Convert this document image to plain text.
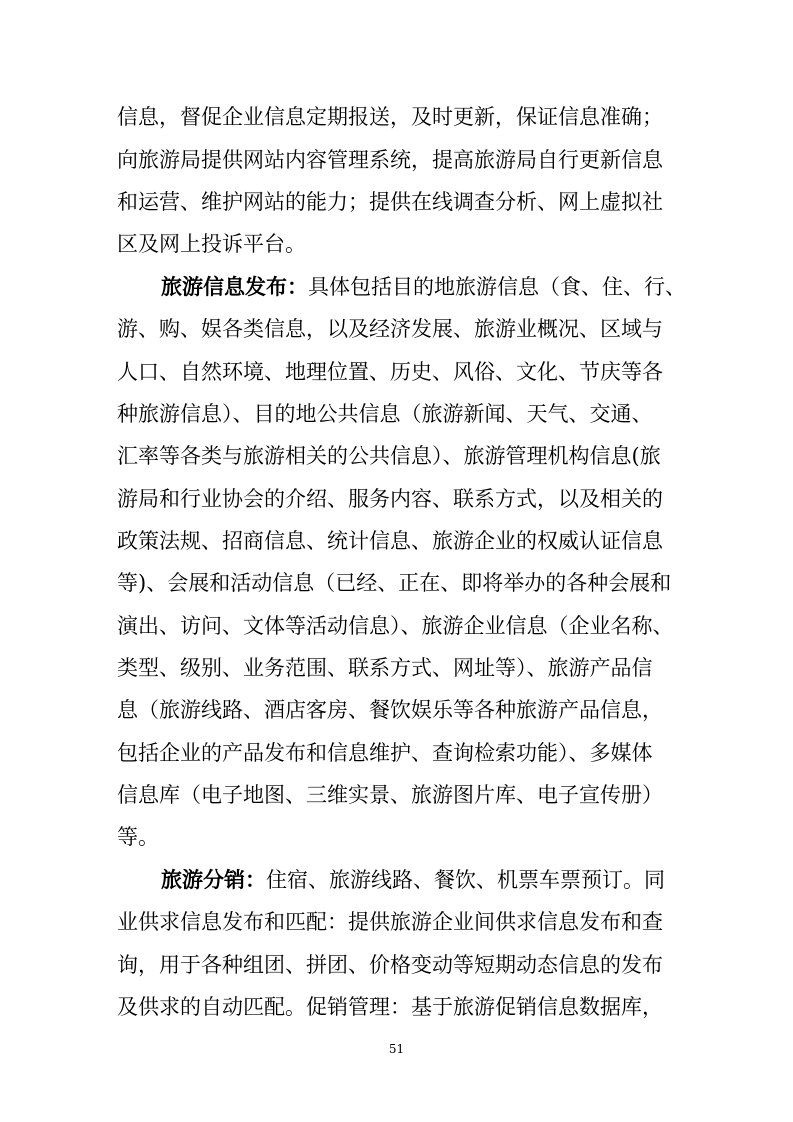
信息，督促企业信息定期报送，及时更新，保证信息准确；
向旅游局提供网站内容管理系统，提高旅游局自行更新信息
和运营、维护网站的能力；提供在线调查分析、网上虚拟社
区及网上投诉平台。
旅游信息发布：具体包括目的地旅游信息（食、住、行、
游、购、娱各类信息，以及经济发展、旅游业概况、区域与
人口、自然环境、地理位置、历史、风俗、文化、节庆等各
种旅游信息）、目的地公共信息（旅游新闻、天气、交通、
汇率等各类与旅游相关的公共信息）、旅游管理机构信息(旅
游局和行业协会的介绍、服务内容、联系方式，以及相关的
政策法规、招商信息、统计信息、旅游企业的权威认证信息
等)、会展和活动信息（已经、正在、即将举办的各种会展和
演出、访问、文体等活动信息）、旅游企业信息（企业名称、
类型、级别、业务范围、联系方式、网址等）、旅游产品信
息（旅游线路、酒店客房、餐饮娱乐等各种旅游产品信息，
包括企业的产品发布和信息维护、查询检索功能）、多媒体
信息库（电子地图、三维实景、旅游图片库、电子宣传册）
等。
旅游分销：住宿、旅游线路、餐饮、机票车票预订。同
业供求信息发布和匹配：提供旅游企业间供求信息发布和查
询，用于各种组团、拼团、价格变动等短期动态信息的发布
及供求的自动匹配。促销管理：基于旅游促销信息数据库，
51
